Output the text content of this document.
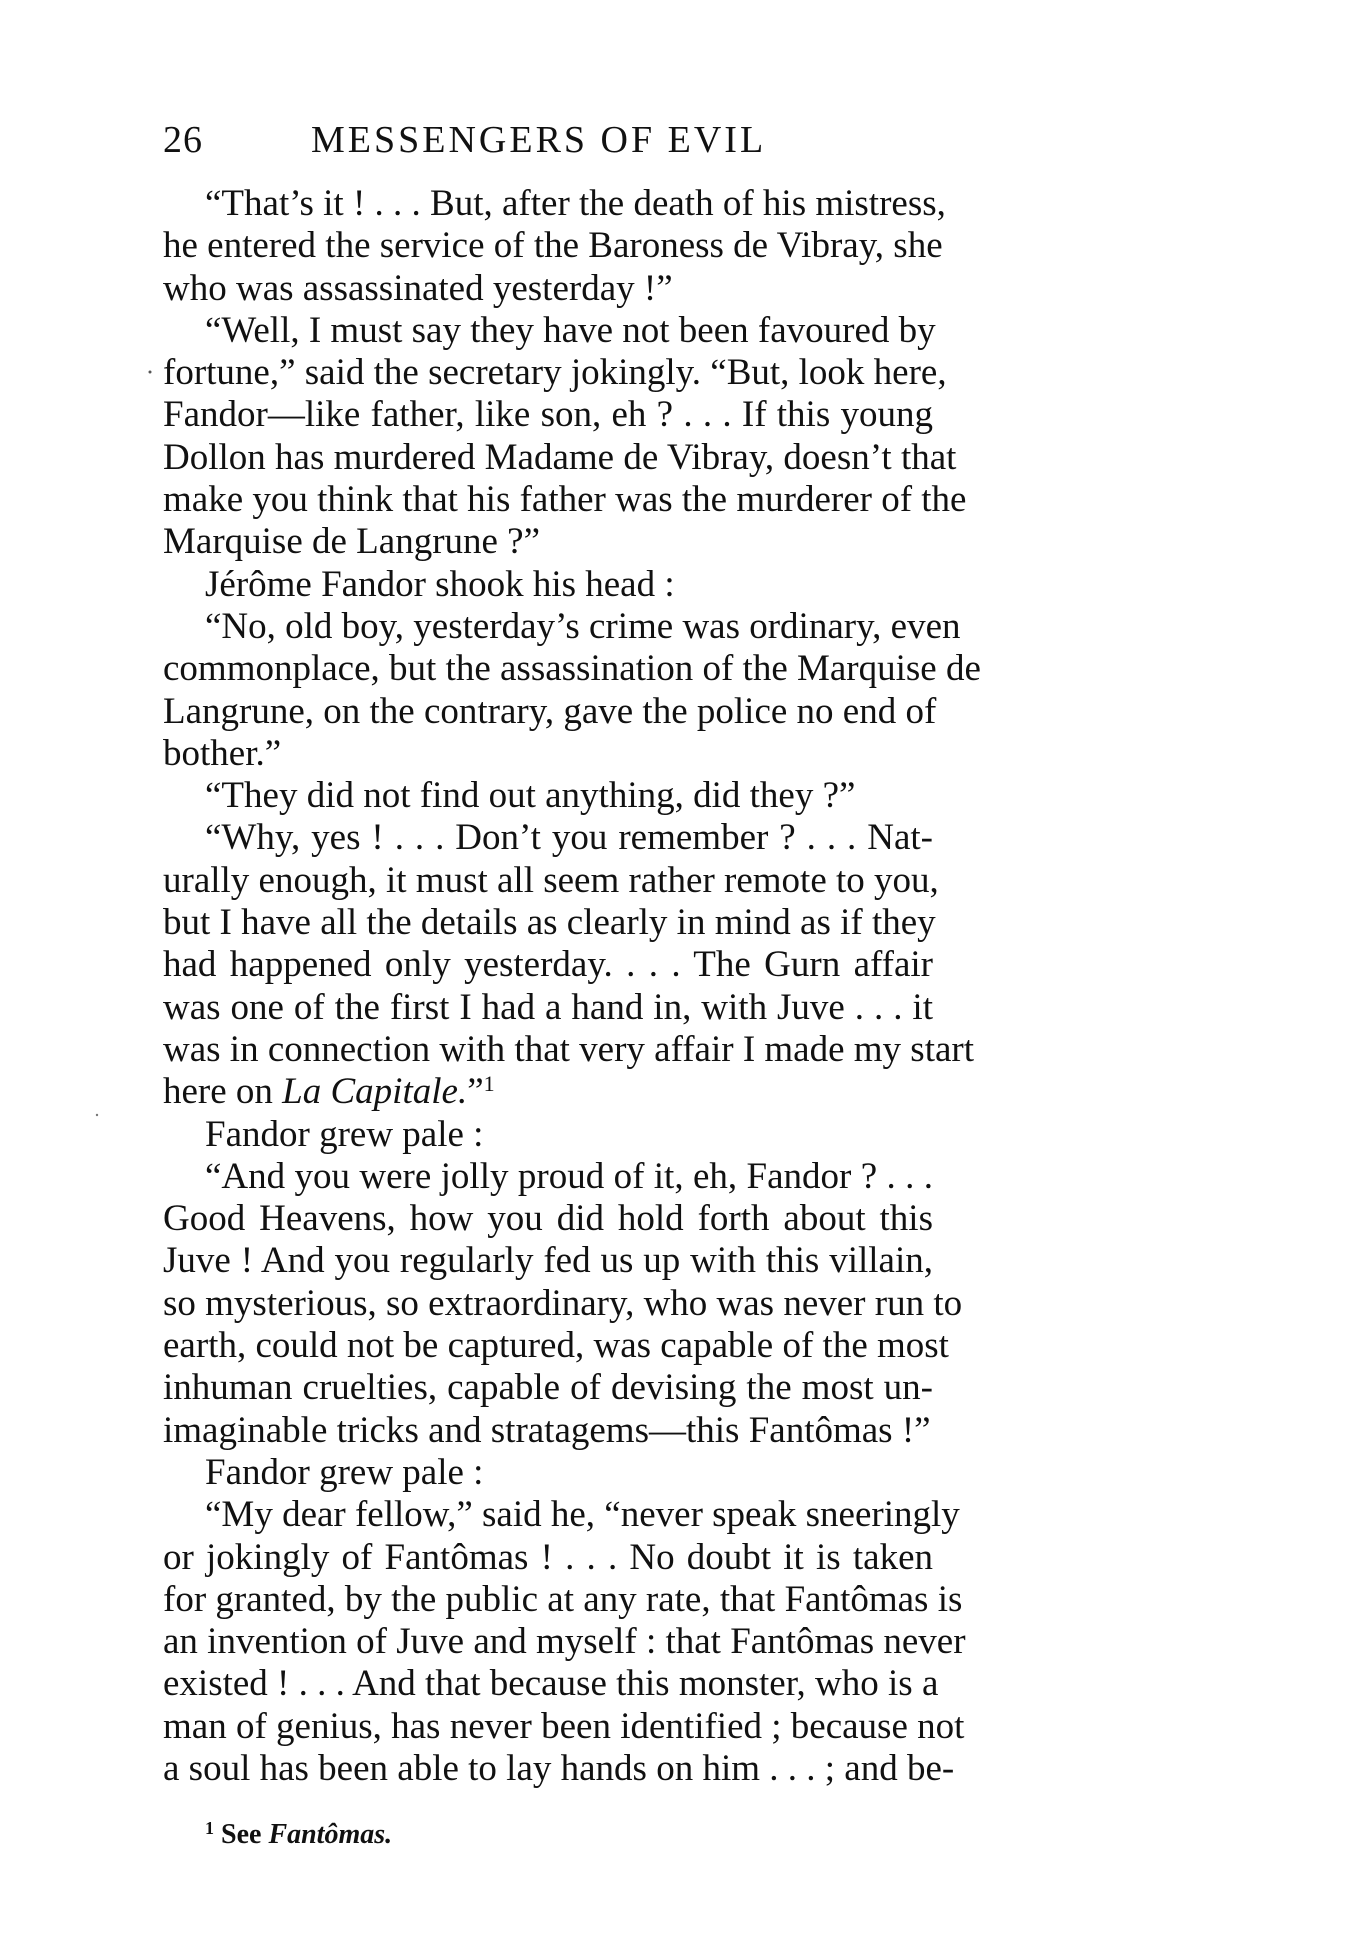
26	MESSENGERS OF EVIL
“That’s it ! . . . But, after the death of his mistress,
he entered the service of the Baroness de Vibray, she
who was assassinated yesterday !”
“Well, I must say they have not been favoured by
fortune,” said the secretary jokingly. “But, look here,
Fandor—like father, like son, eh ? . . . If this young
Dollon has murdered Madame de Vibray, doesn’t that
make you think that his father was the murderer of the
Marquise de Langrune ?”
Jérôme Fandor shook his head :
“No, old boy, yesterday’s crime was ordinary, even
commonplace, but the assassination of the Marquise de
Langrune, on the contrary, gave the police no end of
bother.”
“They did not find out anything, did they ?”
“Why, yes ! . . . Don’t you remember ? . . . Nat-
urally enough, it must all seem rather remote to you,
but I have all the details as clearly in mind as if they
had happened only yesterday. . . . The Gurn affair
was one of the first I had a hand in, with Juve . . . it
was in connection with that very affair I made my start
here on La Capitale.”$^1$
Fandor grew pale :
“And you were jolly proud of it, eh, Fandor ? . . .
Good Heavens, how you did hold forth about this
Juve ! And you regularly fed us up with this villain,
so mysterious, so extraordinary, who was never run to
earth, could not be captured, was capable of the most
inhuman cruelties, capable of devising the most un-
imaginable tricks and stratagems—this Fantômas !”
Fandor grew pale :
“My dear fellow,” said he, “never speak sneeringly
or jokingly of Fantômas ! . . . No doubt it is taken
for granted, by the public at any rate, that Fantômas is
an invention of Juve and myself : that Fantômas never
existed ! . . . And that because this monster, who is a
man of genius, has never been identified ; because not
a soul has been able to lay hands on him . . . ; and be-
$^1$ See Fantômas.
